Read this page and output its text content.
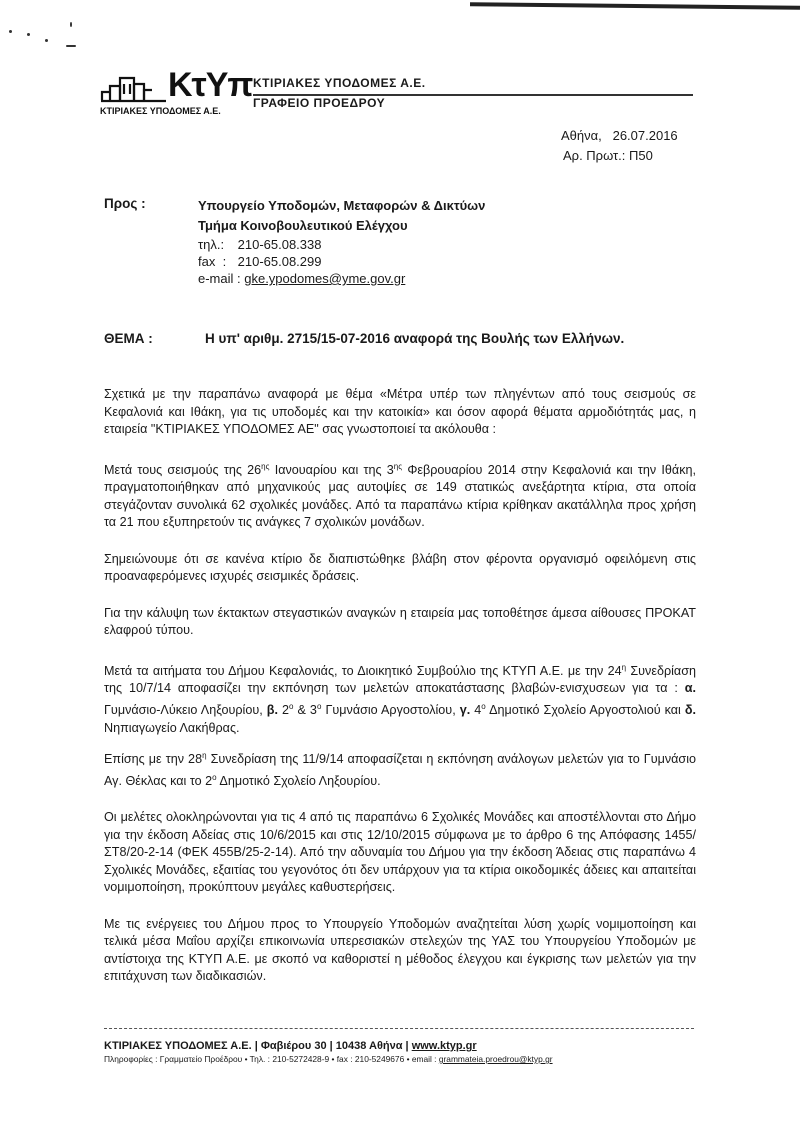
ΚτΥπ
ΚΤΙΡΙΑΚΕΣ ΥΠΟΔΟΜΕΣ Α.Ε.
ΚΤΙΡΙΑΚΕΣ ΥΠΟΔΟΜΕΣ Α.Ε.
ΓΡΑΦΕΙΟ ΠΡΟΕΔΡΟΥ
Αθήνα,   26.07.2016
Αρ. Πρωτ.: Π50
Προς :	Υπουργείο Υποδομών, Μεταφορών & Δικτύων
Τμήμα Κοινοβουλευτικού Ελέγχου
τηλ.: 210-65.08.338
fax  : 210-65.08.299
e-mail : gke.ypodomes@yme.gov.gr
ΘΕΜΑ :	Η υπ' αριθμ. 2715/15-07-2016 αναφορά της Βουλής των Ελλήνων.

Σχετικά με την παραπάνω αναφορά με θέμα «Μέτρα υπέρ των πληγέντων από τους σεισμούς σε Κεφαλονιά και Ιθάκη, για τις υποδομές και την κατοικία» και όσον αφορά θέματα αρμοδιότητάς μας, η εταιρεία "ΚΤΙΡΙΑΚΕΣ ΥΠΟΔΟΜΕΣ ΑΕ" σας γνωστοποιεί τα ακόλουθα :

Μετά τους σεισμούς της $26^{\eta\varsigma}$ Ιανουαρίου και της $3^{\eta\varsigma}$ Φεβρουαρίου 2014 στην Κεφαλονιά και την Ιθάκη, πραγματοποιήθηκαν από μηχανικούς μας αυτοψίες σε 149 στατικώς ανεξάρτητα κτίρια, στα οποία στεγάζονταν συνολικά 62 σχολικές μονάδες. Από τα παραπάνω κτίρια κρίθηκαν ακατάλληλα προς χρήση τα 21 που εξυπηρετούν τις ανάγκες 7 σχολικών μονάδων.

Σημειώνουμε ότι σε κανένα κτίριο δε διαπιστώθηκε βλάβη στον φέροντα οργανισμό οφειλόμενη στις προαναφερόμενες ισχυρές σεισμικές δράσεις.

Για την κάλυψη των έκτακτων στεγαστικών αναγκών η εταιρεία μας τοποθέτησε άμεσα αίθουσες ΠΡΟΚΑΤ ελαφρού τύπου.

Μετά τα αιτήματα του Δήμου Κεφαλονιάς, το Διοικητικό Συμβούλιο της ΚΤΥΠ Α.Ε. με την $24^\eta$ Συνεδρίαση της 10/7/14 αποφασίζει την εκπόνηση των μελετών αποκατάστασης βλαβών-ενισχυσεων για τα : α. Γυμνάσιο-Λύκειο Ληξουρίου, β. $2^o$ & $3^o$ Γυμνάσιο Αργοστολίου, γ. $4^o$ Δημοτικό Σχολείο Αργοστολιού και δ. Νηπιαγωγείο Λακήθρας.

Επίσης με την $28^\eta$ Συνεδρίαση της 11/9/14 αποφασίζεται η εκπόνηση ανάλογων μελετών για το Γυμνάσιο Αγ. Θέκλας και το $2^o$ Δημοτικό Σχολείο Ληξουρίου.

Οι μελέτες ολοκληρώνονται για τις 4 από τις παραπάνω 6 Σχολικές Μονάδες και αποστέλλονται στο Δήμο για την έκδοση Αδείας στις 10/6/2015 και στις 12/10/2015 σύμφωνα με το άρθρο 6 της Απόφασης 1455/ΣΤ8/20-2-14 (ΦΕΚ 455Β/25-2-14). Από την αδυναμία του Δήμου για την έκδοση Άδειας στις παραπάνω 4 Σχολικές Μονάδες, εξαιτίας του γεγονότος ότι δεν υπάρχουν για τα κτίρια οικοδομικές άδειες και απαιτείται νομιμοποίηση, προκύπτουν μεγάλες καθυστερήσεις.

Με τις ενέργειες του Δήμου προς το Υπουργείο Υποδομών αναζητείται λύση χωρίς νομιμοποίηση και τελικά μέσα Μαΐου αρχίζει επικοινωνία υπερεσιακών στελεχών της ΥΑΣ του Υπουργείου Υποδομών με αντίστοιχα της ΚΤΥΠ Α.Ε. με σκοπό να καθοριστεί η μέθοδος έλεγχου και έγκρισης των μελετών για την επιτάχυνση των διαδικασιών.

ΚΤΙΡΙΑΚΕΣ ΥΠΟΔΟΜΕΣ Α.Ε. | Φαβιέρου 30 | 10438 Αθήνα | www.ktyp.gr
Πληροφορίες : Γραμματείο Προέδρου • Τηλ. : 210-5272428-9 • fax : 210-5249676 • email : grammateia.proedrou@ktyp.gr
